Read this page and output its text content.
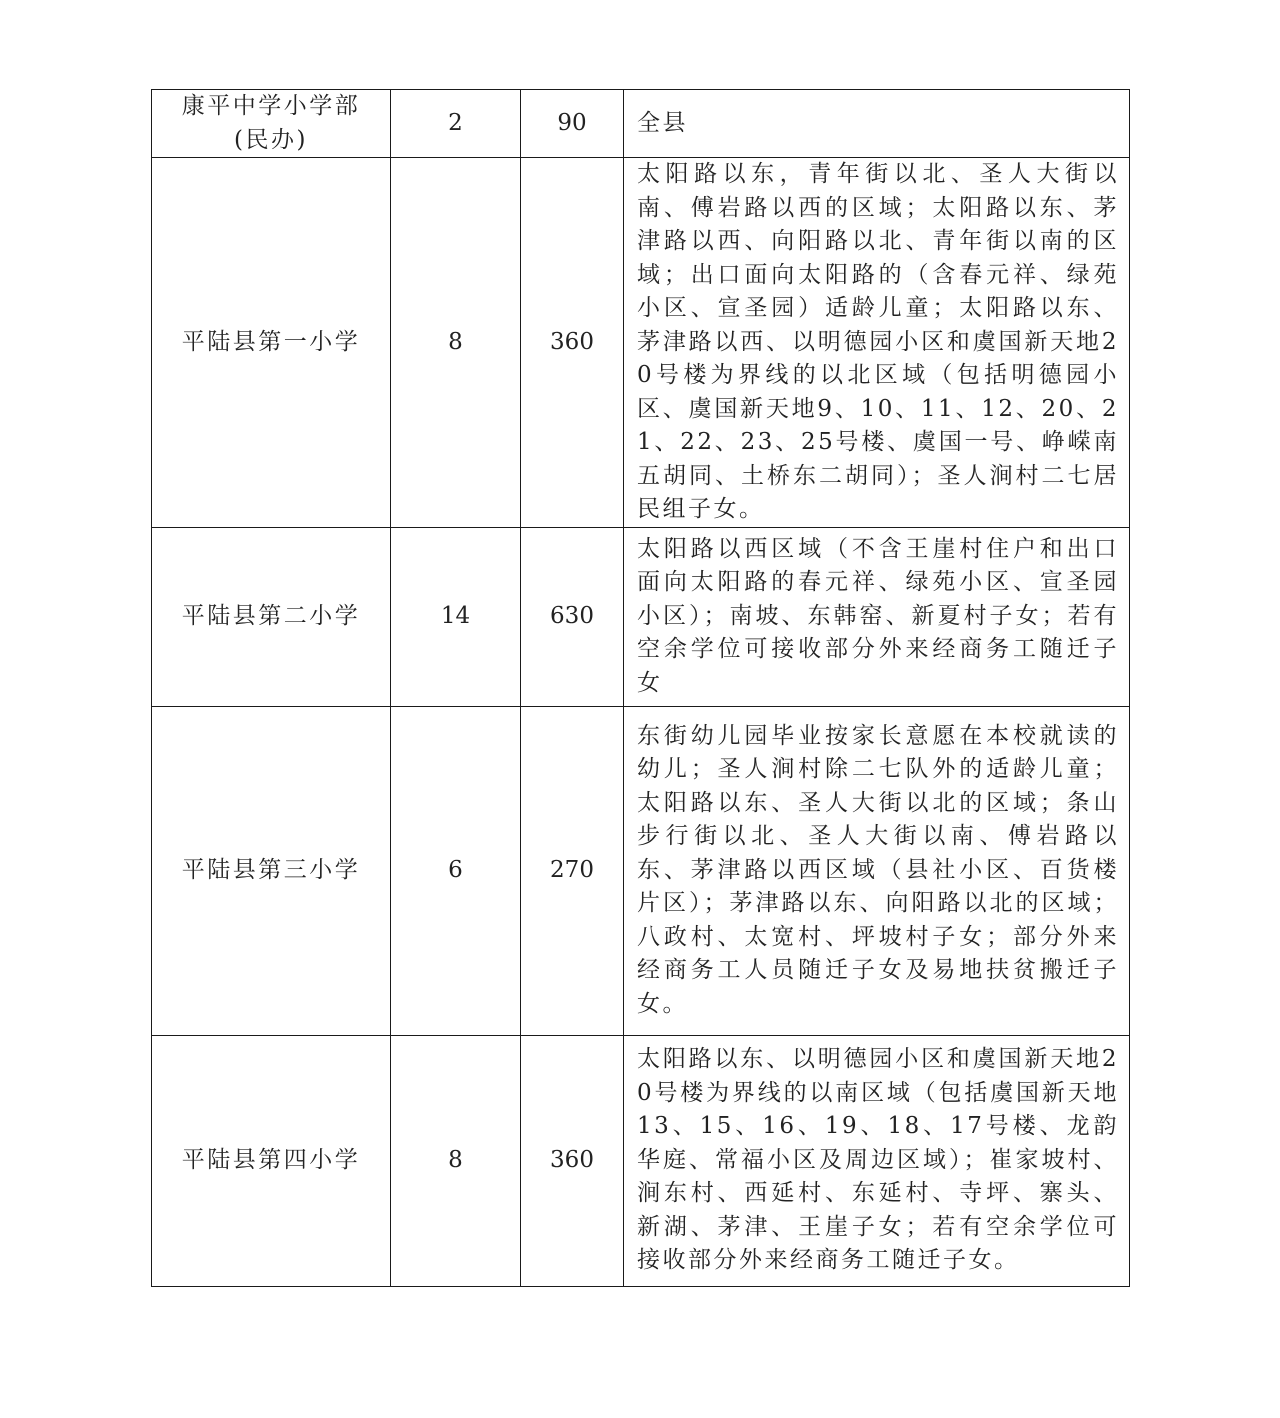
康平中学小学部
(民办)	2	90	全县
平陆县第一小学	8	360	太阳路以东，青年街以北、圣人大街以南、傅岩路以西的区域；太阳路以东、茅津路以西、向阳路以北、青年街以南的区域；出口面向太阳路的（含春元祥、绿苑小区、宣圣园）适龄儿童；太阳路以东、茅津路以西、以明德园小区和虞国新天地20号楼为界线的以北区域（包括明德园小区、虞国新天地9、10、11、12、20、21、22、23、25号楼、虞国一号、峥嵘南五胡同、土桥东二胡同）；圣人涧村二七居民组子女。
平陆县第二小学	14	630	太阳路以西区域（不含王崖村住户和出口面向太阳路的春元祥、绿苑小区、宣圣园小区）；南坡、东韩窑、新夏村子女；若有空余学位可接收部分外来经商务工随迁子女
平陆县第三小学	6	270	东街幼儿园毕业按家长意愿在本校就读的幼儿；圣人涧村除二七队外的适龄儿童；太阳路以东、圣人大街以北的区域；条山步行街以北、圣人大街以南、傅岩路以东、茅津路以西区域（县社小区、百货楼片区）；茅津路以东、向阳路以北的区域；八政村、太宽村、坪坡村子女；部分外来经商务工人员随迁子女及易地扶贫搬迁子女。
平陆县第四小学	8	360	太阳路以东、以明德园小区和虞国新天地20号楼为界线的以南区域（包括虞国新天地13、15、16、19、18、17号楼、龙韵华庭、常福小区及周边区域）；崔家坡村、涧东村、西延村、东延村、寺坪、寨头、新湖、茅津、王崖子女；若有空余学位可接收部分外来经商务工随迁子女。
